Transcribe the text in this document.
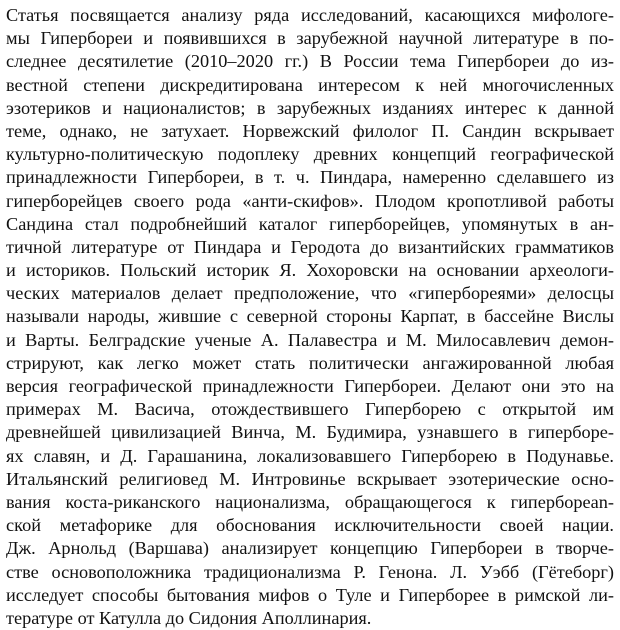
Статья посвящается анализу ряда исследований, касающихся мифологе-
мы Гипербореи и появившихся в зарубежной научной литературе в по-
следнее десятилетие (2010–2020 гг.) В России тема Гипербореи до из-
вестной степени дискредитирована интересом к ней многочисленных
эзотериков и националистов; в зарубежных изданиях интерес к данной
теме, однако, не затухает. Норвежский филолог П. Сандин вскрывает
культурно-политическую подоплеку древних концепций географической
принадлежности Гипербореи, в т. ч. Пиндара, намеренно сделавшего из
гиперборейцев своего рода «анти-скифов». Плодом кропотливой работы
Сандина стал подробнейший каталог гиперборейцев, упомянутых в ан-
тичной литературе от Пиндара и Геродота до византийских грамматиков
и историков. Польский историк Я. Хохоровски на основании археологи-
ческих материалов делает предположение, что «гипербореями» делосцы
называли народы, жившие с северной стороны Карпат, в бассейне Вислы
и Варты. Белградские ученые А. Палавестра и М. Милосавлевич демон-
стрируют, как легко может стать политически ангажированной любая
версия географической принадлежности Гипербореи. Делают они это на
примерах М. Васича, отождествившего Гиперборею с открытой им
древнейшей цивилизацией Винча, М. Будимира, узнавшего в гиперборе-
ях славян, и Д. Гарашанина, локализовавшего Гиперборею в Подунавье.
Итальянский религиовед М. Интровинье вскрывает эзотерические осно-
вания коста-риканского национализма, обращающегося к гиперборean-
ской метафорике для обоснования исключительности своей нации.
Дж. Арнольд (Варшава) анализирует концепцию Гипербореи в творче-
стве основоположника традиционализма Р. Генона. Л. Уэбб (Гётеборг)
исследует способы бытования мифов о Туле и Гиперборее в римской ли-
тературе от Катулла до Сидония Аполлинария.
